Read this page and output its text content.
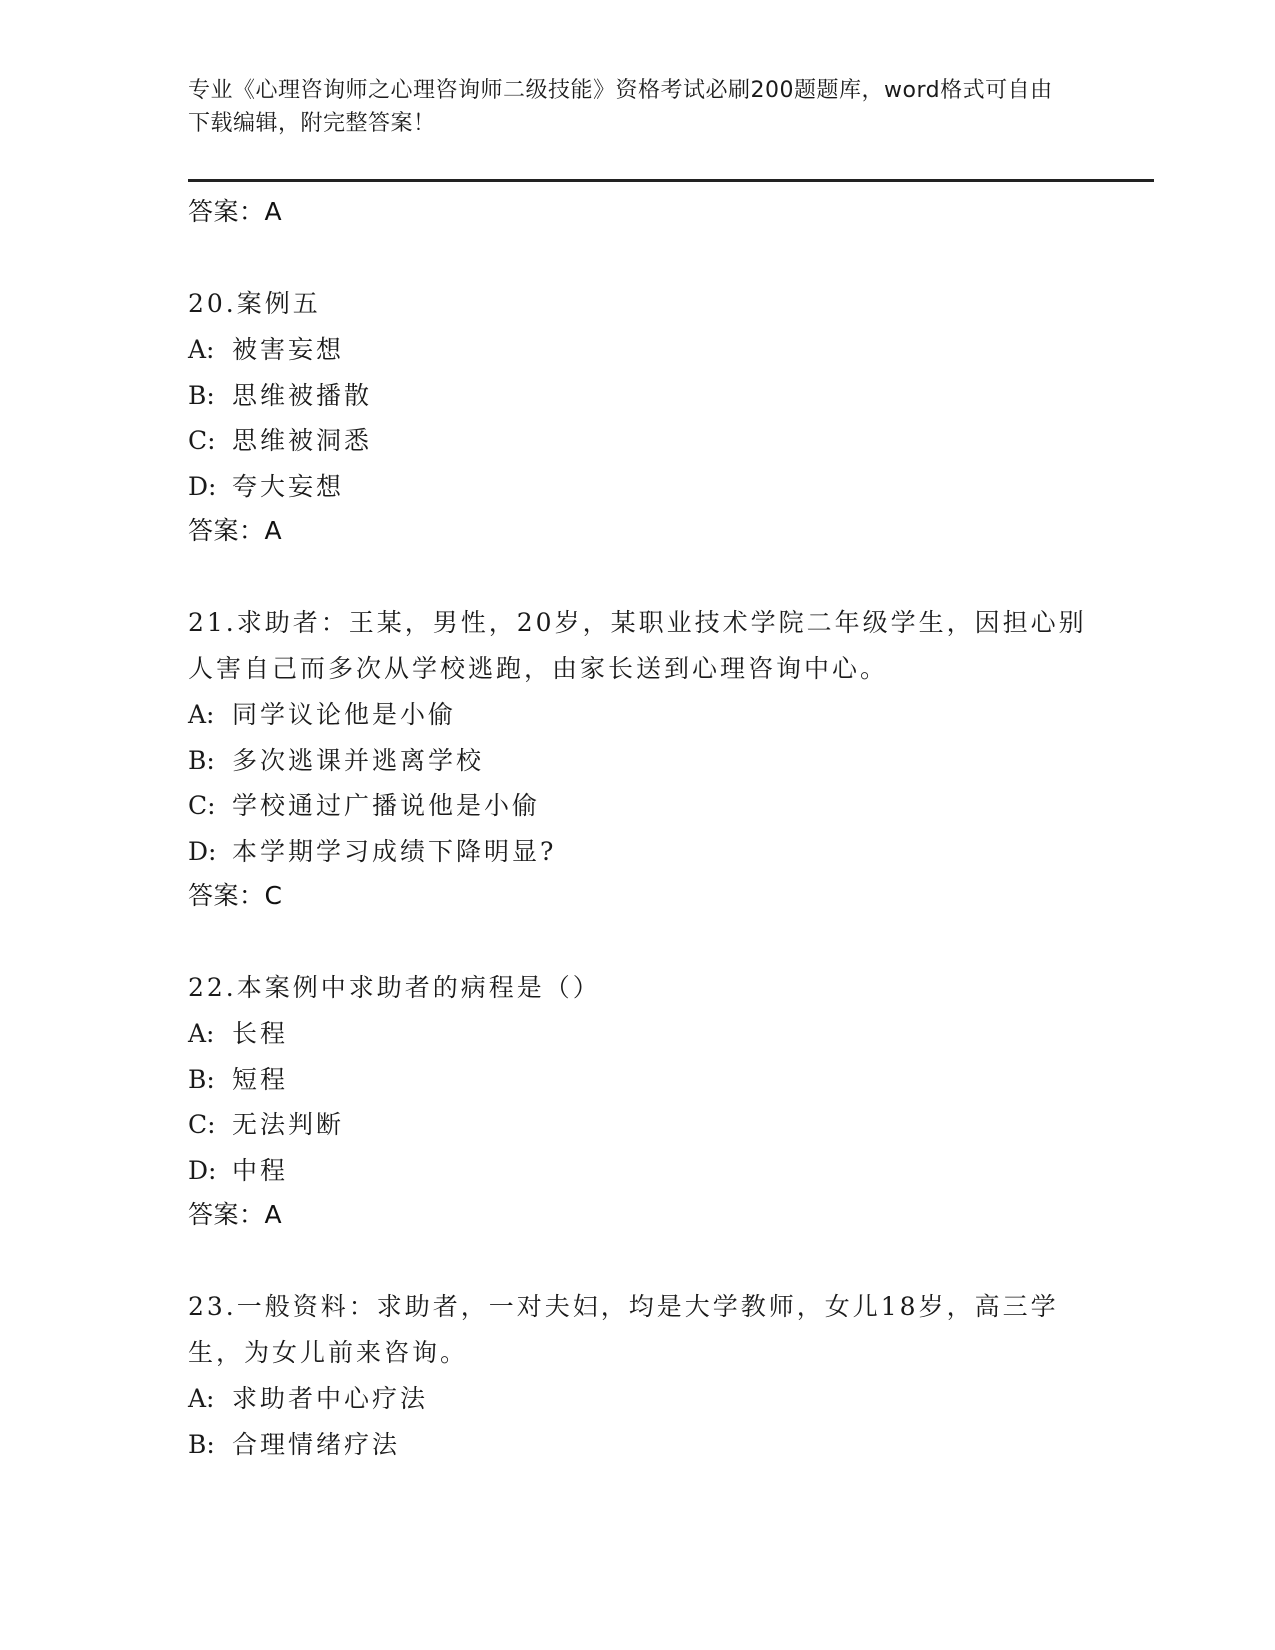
专业《心理咨询师之心理咨询师二级技能》资格考试必刷200题题库，word格式可自由下载编辑，附完整答案！
答案：A

20.案例五

A: 被害妄想
B: 思维被播散
C: 思维被洞悉
D: 夸大妄想
答案：A

21.求助者：王某，男性，20岁，某职业技术学院二年级学生，因担心别人害自己而多次从学校逃跑，由家长送到心理咨询中心。

A: 同学议论他是小偷
B: 多次逃课并逃离学校
C: 学校通过广播说他是小偷
D: 本学期学习成绩下降明显?
答案：C

22.本案例中求助者的病程是（）

A: 长程
B: 短程
C: 无法判断
D: 中程
答案：A

23.一般资料：求助者，一对夫妇，均是大学教师，女儿18岁，高三学生，为女儿前来咨询。

A: 求助者中心疗法
B: 合理情绪疗法
